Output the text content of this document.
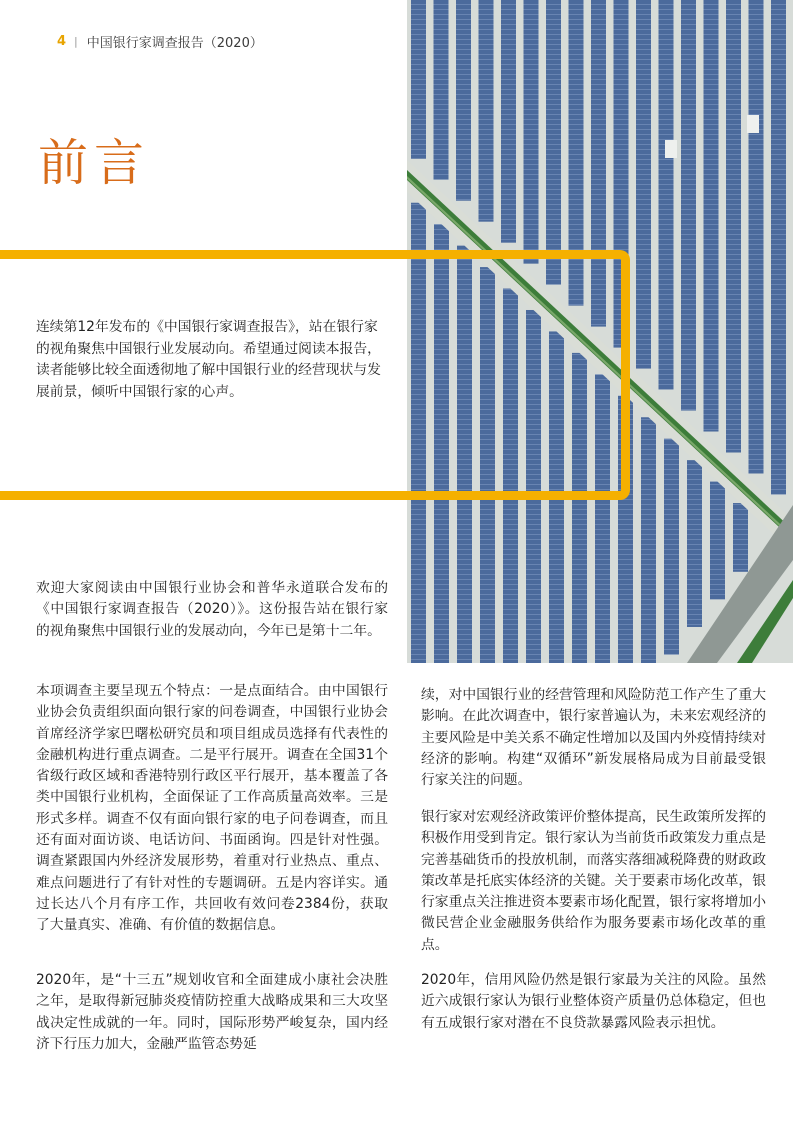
4 | 中国银行家调查报告（2020）
前言
连续第12年发布的《中国银行家调查报告》，站在银行家的视角聚焦中国银行业发展动向。希望通过阅读本报告，读者能够比较全面透彻地了解中国银行业的经营现状与发展前景，倾听中国银行家的心声。

欢迎大家阅读由中国银行业协会和普华永道联合发布的《中国银行家调查报告（2020）》。这份报告站在银行家的视角聚焦中国银行业的发展动向，今年已是第十二年。

本项调查主要呈现五个特点：一是点面结合。由中国银行业协会负责组织面向银行家的问卷调查，中国银行业协会首席经济学家巴曙松研究员和项目组成员选择有代表性的金融机构进行重点调查。二是平行展开。调查在全国31个省级行政区域和香港特别行政区平行展开，基本覆盖了各类中国银行业机构，全面保证了工作高质量高效率。三是形式多样。调查不仅有面向银行家的电子问卷调查，而且还有面对面访谈、电话访问、书面函询。四是针对性强。调查紧跟国内外经济发展形势，着重对行业热点、重点、难点问题进行了有针对性的专题调研。五是内容详实。通过长达八个月有序工作，共回收有效问卷2384份，获取了大量真实、准确、有价值的数据信息。

2020年，是“十三五”规划收官和全面建成小康社会决胜之年，是取得新冠肺炎疫情防控重大战略成果和三大攻坚战决定性成就的一年。同时，国际形势严峻复杂，国内经济下行压力加大，金融严监管态势延

续，对中国银行业的经营管理和风险防范工作产生了重大影响。在此次调查中，银行家普遍认为，未来宏观经济的主要风险是中美关系不确定性增加以及国内外疫情持续对经济的影响。构建“双循环”新发展格局成为目前最受银行家关注的问题。

银行家对宏观经济政策评价整体提高，民生政策所发挥的积极作用受到肯定。银行家认为当前货币政策发力重点是完善基础货币的投放机制，而落实落细减税降费的财政政策改革是托底实体经济的关键。关于要素市场化改革，银行家重点关注推进资本要素市场化配置，银行家将增加小微民营企业金融服务供给作为服务要素市场化改革的重点。

2020年，信用风险仍然是银行家最为关注的风险。虽然近六成银行家认为银行业整体资产质量仍总体稳定，但也有五成银行家对潜在不良贷款暴露风险表示担忧。
